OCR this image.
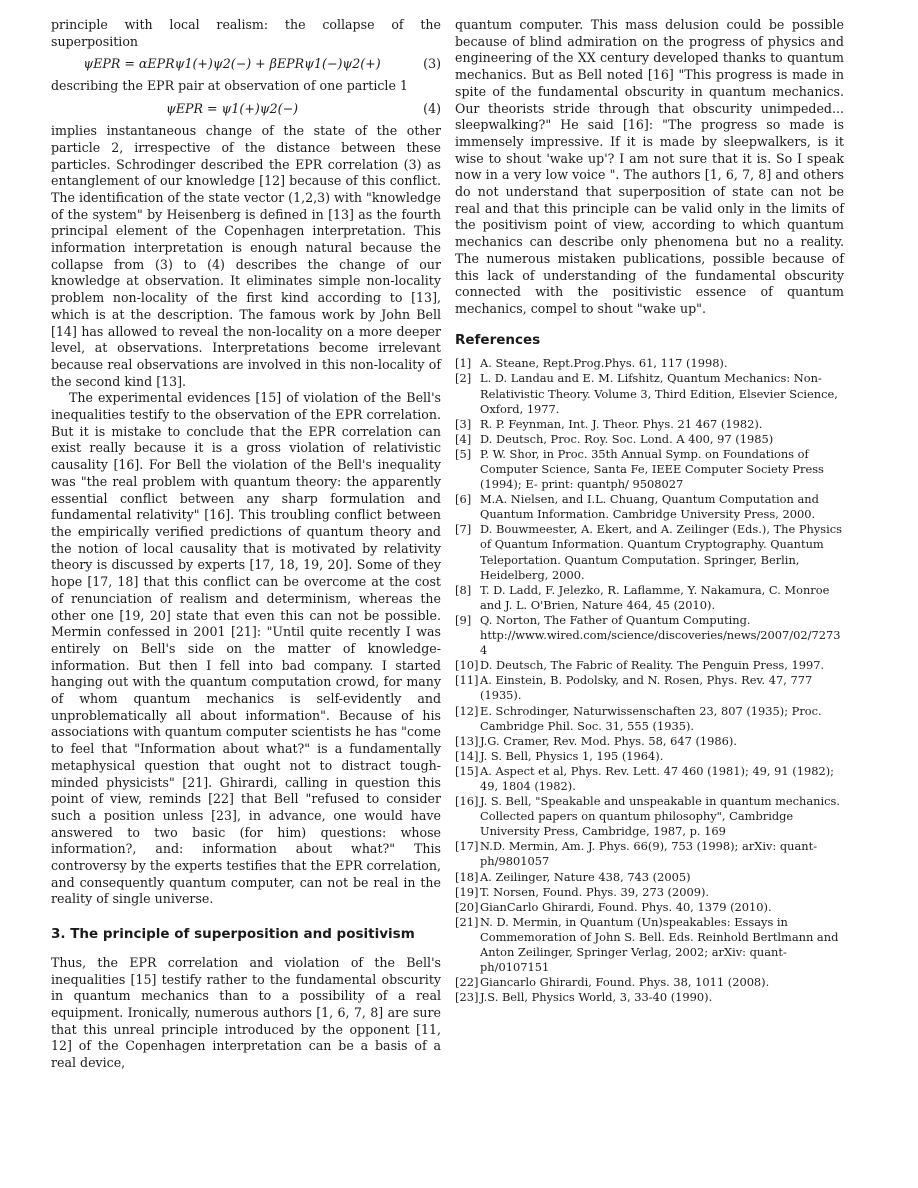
principle with local realism: the collapse of the superposition

ψEPR = αEPRψ1(+)ψ2(−) + βEPRψ1(−)ψ2(+)	(3)

describing the EPR pair at observation of one particle 1

ψEPR = ψ1(+)ψ2(−)	(4)

implies instantaneous change of the state of the other particle 2, irrespective of the distance between these particles. Schrodinger described the EPR correlation (3) as entanglement of our knowledge [12] because of this conflict. The identification of the state vector (1,2,3) with "knowledge of the system" by Heisenberg is defined in [13] as the fourth principal element of the Copenhagen interpretation. This information interpretation is enough natural because the collapse from (3) to (4) describes the change of our knowledge at observation. It eliminates simple non-locality problem non-locality of the first kind according to [13], which is at the description. The famous work by John Bell [14] has allowed to reveal the non-locality on a more deeper level, at observations. Interpretations become irrelevant because real observations are involved in this non-locality of the second kind [13].

The experimental evidences [15] of violation of the Bell's inequalities testify to the observation of the EPR correlation. But it is mistake to conclude that the EPR correlation can exist really because it is a gross violation of relativistic causality [16]. For Bell the violation of the Bell's inequality was "the real problem with quantum theory: the apparently essential conflict between any sharp formulation and fundamental relativity" [16]. This troubling conflict between the empirically verified predictions of quantum theory and the notion of local causality that is motivated by relativity theory is discussed by experts [17, 18, 19, 20]. Some of they hope [17, 18] that this conflict can be overcome at the cost of renunciation of realism and determinism, whereas the other one [19, 20] state that even this can not be possible. Mermin confessed in 2001 [21]: "Until quite recently I was entirely on Bell's side on the matter of knowledge-information. But then I fell into bad company. I started hanging out with the quantum computation crowd, for many of whom quantum mechanics is self-evidently and unproblematically all about information". Because of his associations with quantum computer scientists he has "come to feel that "Information about what?" is a fundamentally metaphysical question that ought not to distract tough-minded physicists" [21]. Ghirardi, calling in question this point of view, reminds [22] that Bell "refused to consider such a position unless [23], in advance, one would have answered to two basic (for him) questions: whose information?, and: information about what?" This controversy by the experts testifies that the EPR correlation, and consequently quantum computer, can not be real in the reality of single universe.

3. The principle of superposition and positivism

Thus, the EPR correlation and violation of the Bell's inequalities [15] testify rather to the fundamental obscurity in quantum mechanics than to a possibility of a real equipment. Ironically, numerous authors [1, 6, 7, 8] are sure that this unreal principle introduced by the opponent [11, 12] of the Copenhagen interpretation can be a basis of a real device,

quantum computer. This mass delusion could be possible because of blind admiration on the progress of physics and engineering of the XX century developed thanks to quantum mechanics. But as Bell noted [16] "This progress is made in spite of the fundamental obscurity in quantum mechanics. Our theorists stride through that obscurity unimpeded... sleepwalking?" He said [16]: "The progress so made is immensely impressive. If it is made by sleepwalkers, is it wise to shout 'wake up'? I am not sure that it is. So I speak now in a very low voice ". The authors [1, 6, 7, 8] and others do not understand that superposition of state can not be real and that this principle can be valid only in the limits of the positivism point of view, according to which quantum mechanics can describe only phenomena but no a reality. The numerous mistaken publications, possible because of this lack of understanding of the fundamental obscurity connected with the positivistic essence of quantum mechanics, compel to shout "wake up".

References
[1] A. Steane, Rept.Prog.Phys. 61, 117 (1998).
[2] L. D. Landau and E. M. Lifshitz, Quantum Mechanics: Non-Relativistic Theory. Volume 3, Third Edition, Elsevier Science, Oxford, 1977.
[3] R. P. Feynman, Int. J. Theor. Phys. 21 467 (1982).
[4] D. Deutsch, Proc. Roy. Soc. Lond. A 400, 97 (1985)
[5] P. W. Shor, in Proc. 35th Annual Symp. on Foundations of Computer Science, Santa Fe, IEEE Computer Society Press (1994); E- print: quantph/ 9508027
[6] M.A. Nielsen, and I.L. Chuang, Quantum Computation and Quantum Information. Cambridge University Press, 2000.
[7] D. Bouwmeester, A. Ekert, and A. Zeilinger (Eds.), The Physics of Quantum Information. Quantum Cryptography. Quantum Teleportation. Quantum Computation. Springer, Berlin, Heidelberg, 2000.
[8] T. D. Ladd, F. Jelezko, R. Laflamme, Y. Nakamura, C. Monroe and J. L. O'Brien, Nature 464, 45 (2010).
[9] Q. Norton, The Father of Quantum Computing. http://www.wired.com/science/discoveries/news/2007/02/72734
[10] D. Deutsch, The Fabric of Reality. The Penguin Press, 1997.
[11] A. Einstein, B. Podolsky, and N. Rosen, Phys. Rev. 47, 777 (1935).
[12] E. Schrodinger, Naturwissenschaften 23, 807 (1935); Proc. Cambridge Phil. Soc. 31, 555 (1935).
[13] J.G. Cramer, Rev. Mod. Phys. 58, 647 (1986).
[14] J. S. Bell, Physics 1, 195 (1964).
[15] A. Aspect et al, Phys. Rev. Lett. 47 460 (1981); 49, 91 (1982); 49, 1804 (1982).
[16] J. S. Bell, "Speakable and unspeakable in quantum mechanics. Collected papers on quantum philosophy", Cambridge University Press, Cambridge, 1987, p. 169
[17] N.D. Mermin, Am. J. Phys. 66(9), 753 (1998); arXiv: quant-ph/9801057
[18] A. Zeilinger, Nature 438, 743 (2005)
[19] T. Norsen, Found. Phys. 39, 273 (2009).
[20] GianCarlo Ghirardi, Found. Phys. 40, 1379 (2010).
[21] N. D. Mermin, in Quantum (Un)speakables: Essays in Commemoration of John S. Bell. Eds. Reinhold Bertlmann and Anton Zeilinger, Springer Verlag, 2002; arXiv: quant-ph/0107151
[22] Giancarlo Ghirardi, Found. Phys. 38, 1011 (2008).
[23] J.S. Bell, Physics World, 3, 33-40 (1990).
